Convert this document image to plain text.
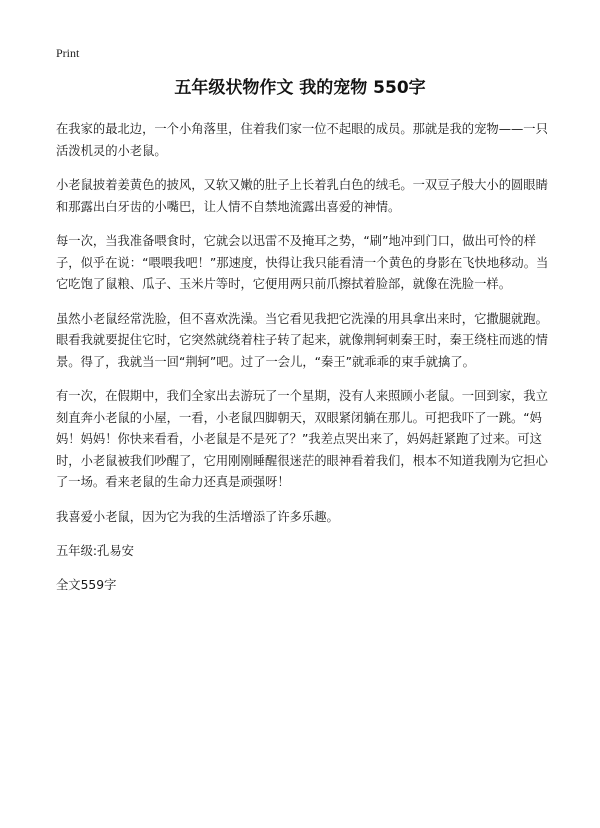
Print
五年级状物作文 我的宠物 550字

在我家的最北边，一个小角落里，住着我们家一位不起眼的成员。那就是我的宠物——一只活泼机灵的小老鼠。

小老鼠披着姜黄色的披风，又软又嫩的肚子上长着乳白色的绒毛。一双豆子般大小的圆眼睛和那露出白牙齿的小嘴巴，让人情不自禁地流露出喜爱的神情。

每一次，当我准备喂食时，它就会以迅雷不及掩耳之势，“刷”地冲到门口，做出可怜的样子，似乎在说：“喂喂我吧！”那速度，快得让我只能看清一个黄色的身影在飞快地移动。当它吃饱了鼠粮、瓜子、玉米片等时，它便用两只前爪擦拭着脸部，就像在洗脸一样。

虽然小老鼠经常洗脸，但不喜欢洗澡。当它看见我把它洗澡的用具拿出来时，它撒腿就跑。眼看我就要捉住它时，它突然就绕着柱子转了起来，就像荆轲刺秦王时，秦王绕柱而逃的情景。得了，我就当一回“荆轲”吧。过了一会儿，“秦王”就乖乖的束手就擒了。

有一次，在假期中，我们全家出去游玩了一个星期，没有人来照顾小老鼠。一回到家，我立刻直奔小老鼠的小屋，一看，小老鼠四脚朝天，双眼紧闭躺在那儿。可把我吓了一跳。“妈妈！妈妈！你快来看看，小老鼠是不是死了？”我差点哭出来了，妈妈赶紧跑了过来。可这时，小老鼠被我们吵醒了，它用刚刚睡醒很迷茫的眼神看着我们，根本不知道我刚为它担心了一场。看来老鼠的生命力还真是顽强呀！

我喜爱小老鼠，因为它为我的生活增添了许多乐趣。

五年级:孔易安

全文559字
